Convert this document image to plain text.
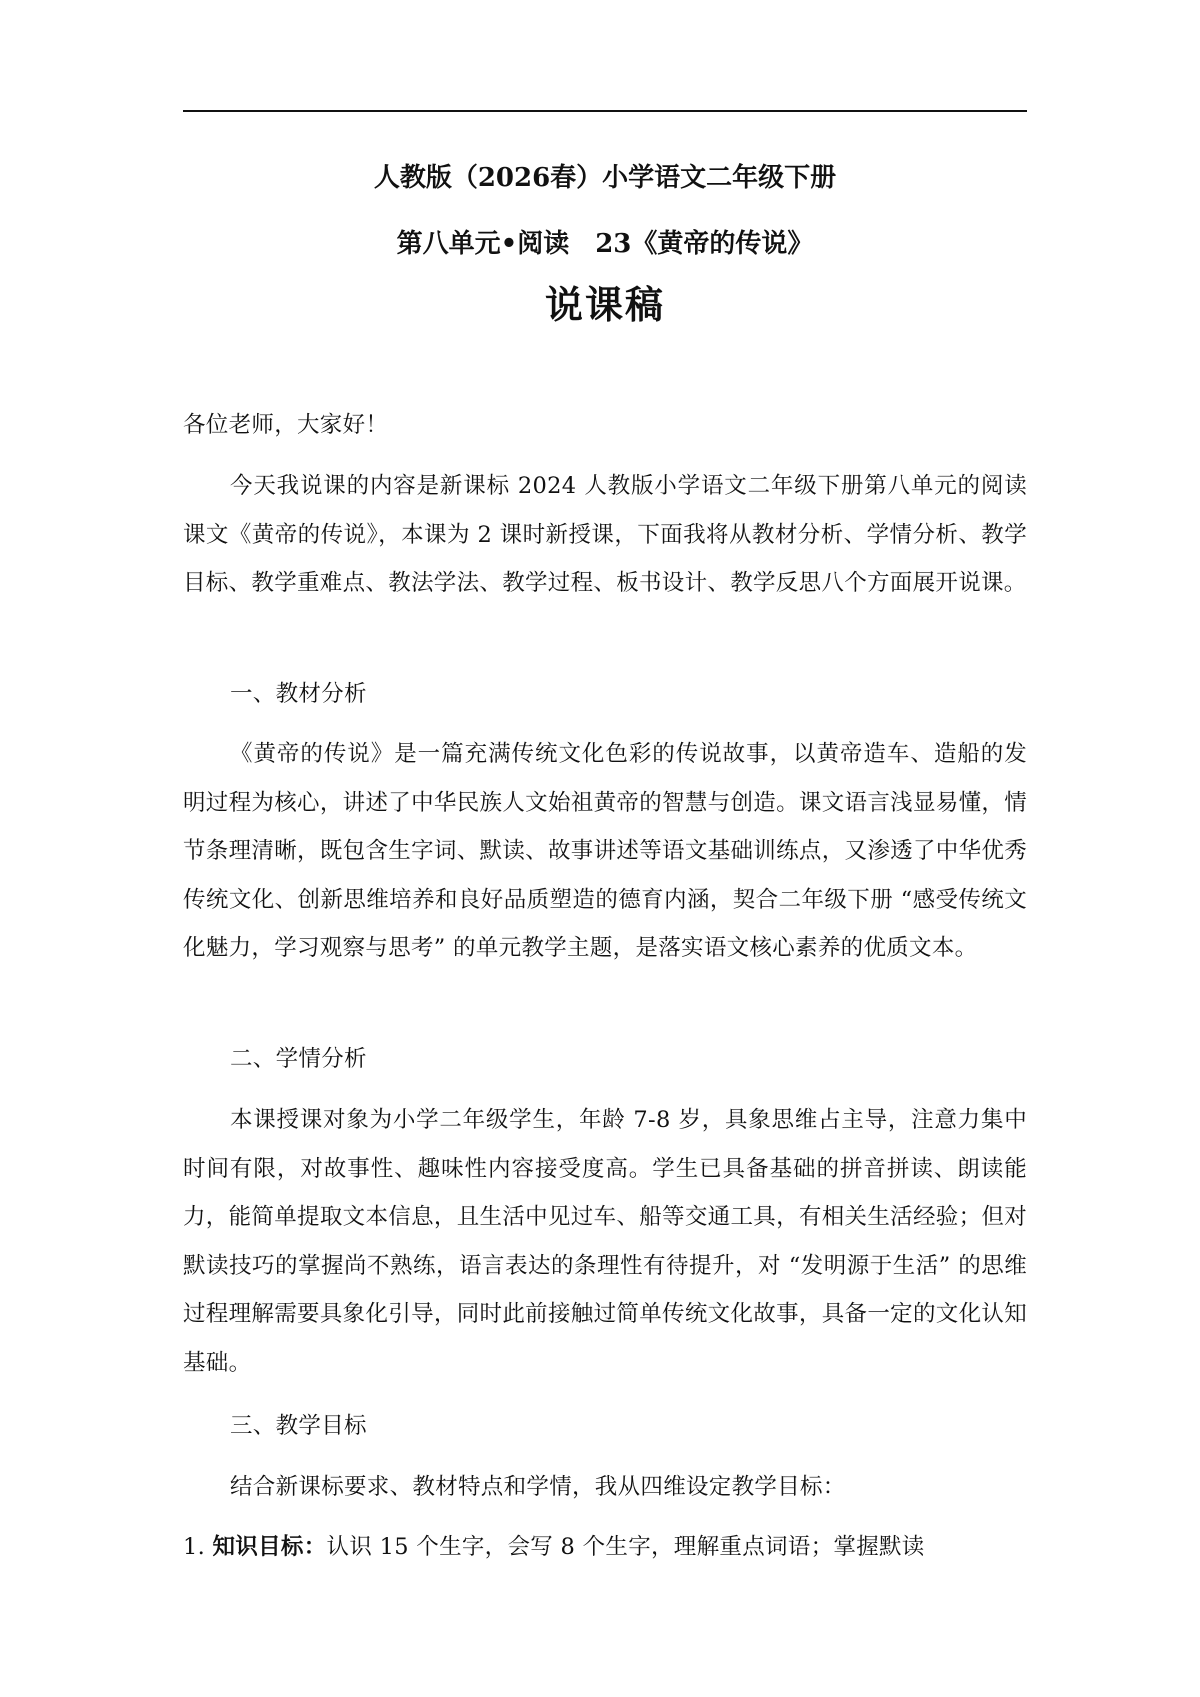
人教版（2026春）小学语文二年级下册
第八单元•阅读　23《黄帝的传说》
说课稿
各位老师，大家好！
今天我说课的内容是新课标 2024 人教版小学语文二年级下册第八单元的阅读课文《黄帝的传说》，本课为 2 课时新授课，下面我将从教材分析、学情分析、教学目标、教学重难点、教法学法、教学过程、板书设计、教学反思八个方面展开说课。
一、教材分析
《黄帝的传说》是一篇充满传统文化色彩的传说故事，以黄帝造车、造船的发明过程为核心，讲述了中华民族人文始祖黄帝的智慧与创造。课文语言浅显易懂，情节条理清晰，既包含生字词、默读、故事讲述等语文基础训练点，又渗透了中华优秀传统文化、创新思维培养和良好品质塑造的德育内涵，契合二年级下册 “感受传统文化魅力，学习观察与思考” 的单元教学主题，是落实语文核心素养的优质文本。
二、学情分析
本课授课对象为小学二年级学生，年龄 7-8 岁，具象思维占主导，注意力集中时间有限，对故事性、趣味性内容接受度高。学生已具备基础的拼音拼读、朗读能力，能简单提取文本信息，且生活中见过车、船等交通工具，有相关生活经验；但对默读技巧的掌握尚不熟练，语言表达的条理性有待提升，对 “发明源于生活” 的思维过程理解需要具象化引导，同时此前接触过简单传统文化故事，具备一定的文化认知基础。
三、教学目标
结合新课标要求、教材特点和学情，我从四维设定教学目标：
1. 知识目标：认识 15 个生字，会写 8 个生字，理解重点词语；掌握默读
